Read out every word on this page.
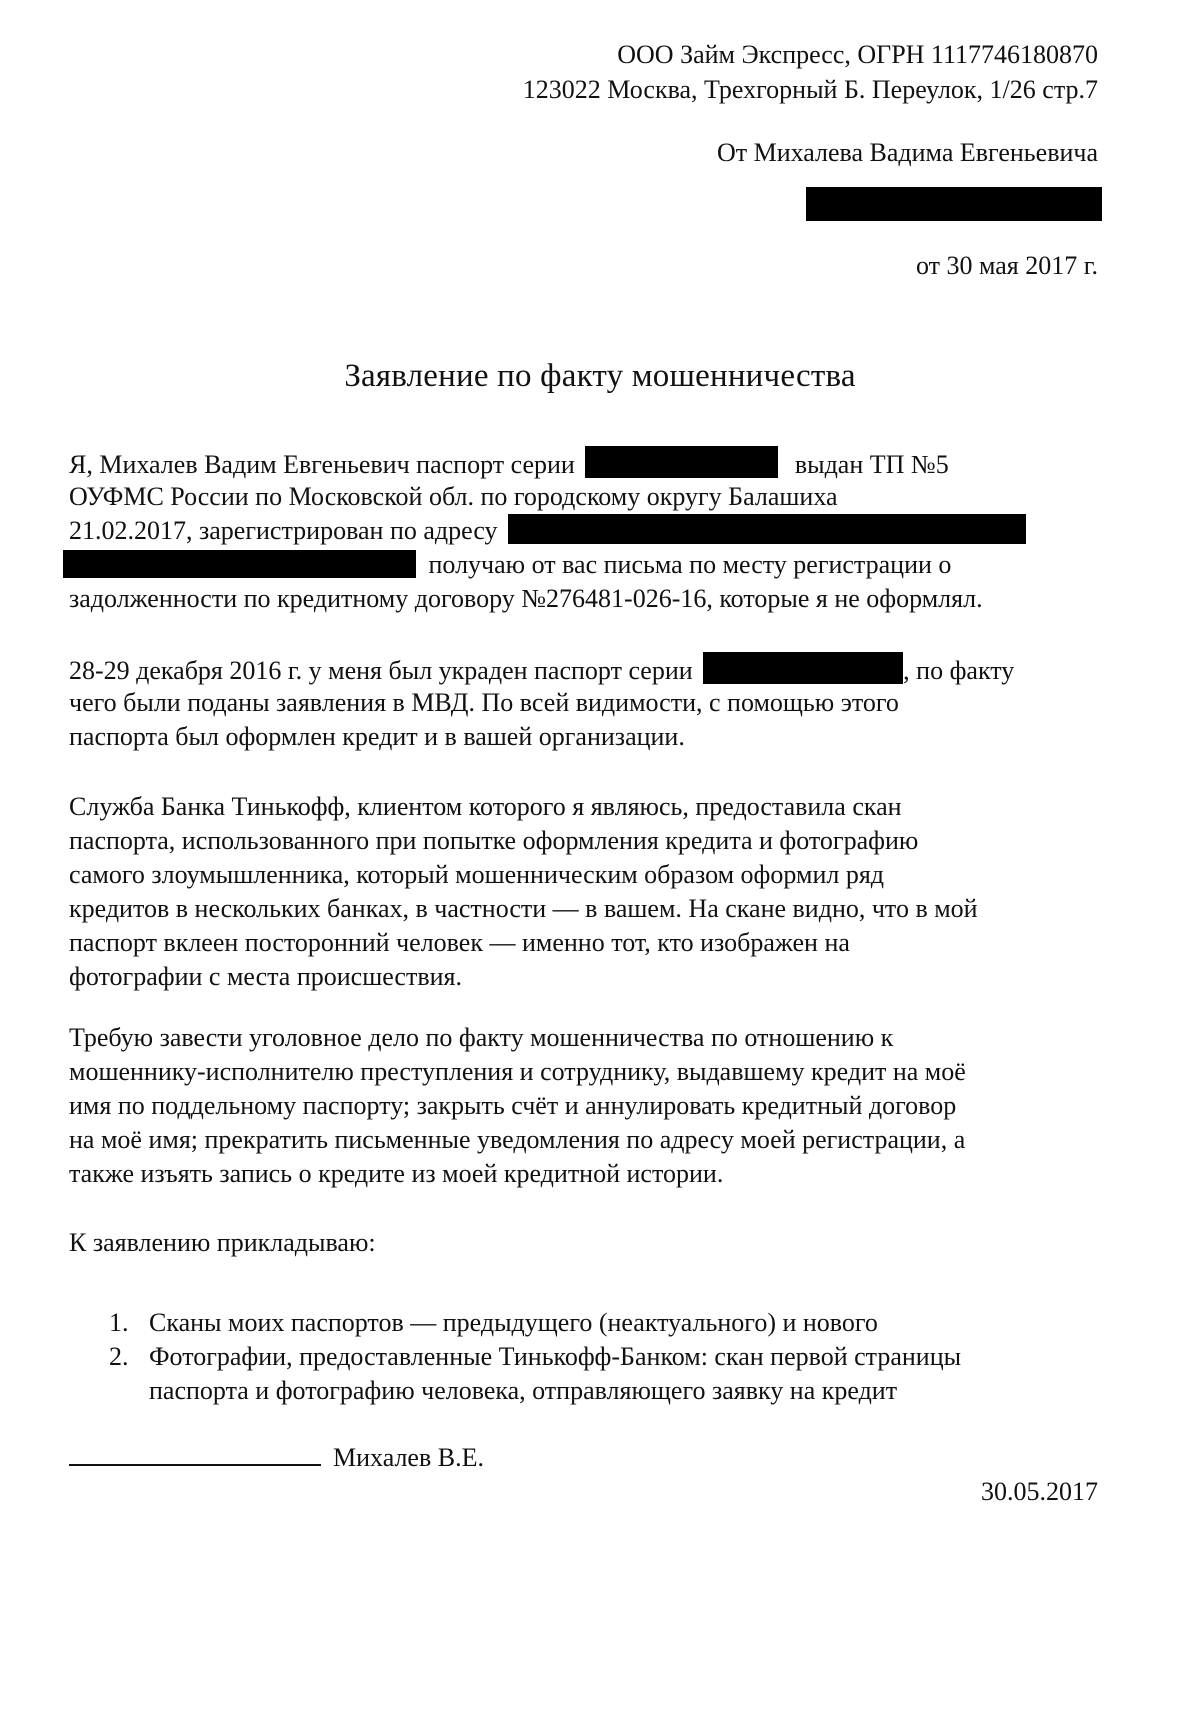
ООО Займ Экспресс, ОГРН 1117746180870
123022 Москва, Трехгорный Б. Переулок, 1/26 стр.7
От Михалева Вадима Евгеньевича
от 30 мая 2017 г.
Заявление по факту мошенничества
Я, Михалев Вадим Евгеньевич паспорт серии	выдан ТП №5
ОУФМС России по Московской обл. по городскому округу Балашиха
21.02.2017, зарегистрирован по адресу
получаю от вас письма по месту регистрации о
задолженности по кредитному договору №276481-026-16, которые я не оформлял.
28-29 декабря 2016 г. у меня был украден паспорт серии	, по факту
чего были поданы заявления в МВД. По всей видимости, с помощью этого
паспорта был оформлен кредит и в вашей организации.
Служба Банка Тинькофф, клиентом которого я являюсь, предоставила скан
паспорта, использованного при попытке оформления кредита и фотографию
самого злоумышленника, который мошенническим образом оформил ряд
кредитов в нескольких банках, в частности — в вашем. На скане видно, что в мой
паспорт вклеен посторонний человек — именно тот, кто изображен на
фотографии с места происшествия.
Требую завести уголовное дело по факту мошенничества по отношению к
мошеннику-исполнителю преступления и сотруднику, выдавшему кредит на моё
имя по поддельному паспорту; закрыть счёт и аннулировать кредитный договор
на моё имя; прекратить письменные уведомления по адресу моей регистрации, а
также изъять запись о кредите из моей кредитной истории.
К заявлению прикладываю:
1. Сканы моих паспортов — предыдущего (неактуального) и нового
2. Фотографии, предоставленные Тинькофф-Банком: скан первой страницы
паспорта и фотографию человека, отправляющего заявку на кредит
Михалев В.Е.
30.05.2017
